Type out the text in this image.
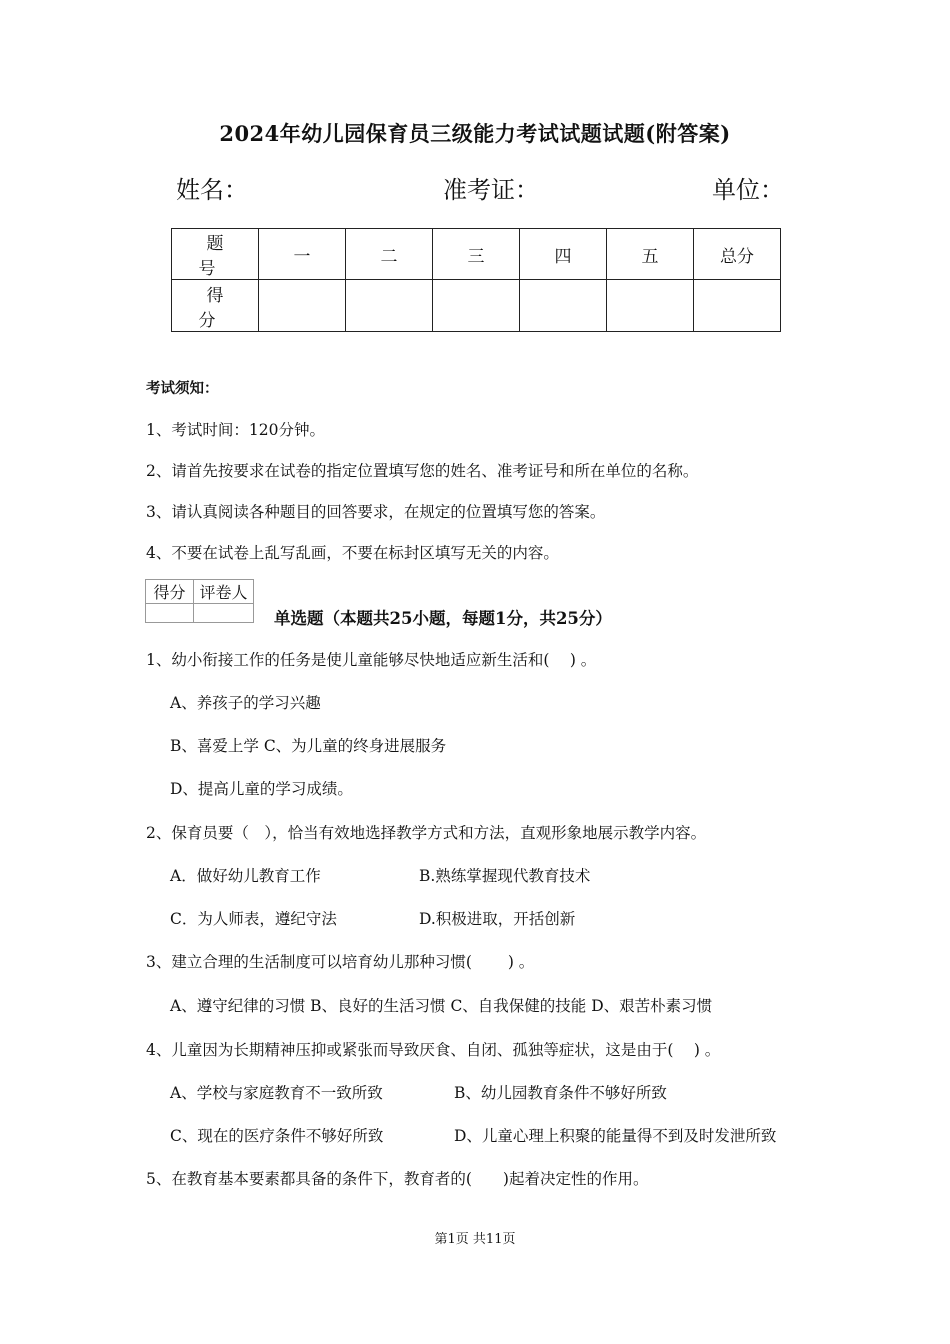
2024年幼儿园保育员三级能力考试试题试题(附答案)
姓名：	准考证：	单位：
题　号	一	二	三	四	五	总分
得　分						
考试须知：
1、考试时间：120分钟。
2、请首先按要求在试卷的指定位置填写您的姓名、准考证号和所在单位的名称。
3、请认真阅读各种题目的回答要求，在规定的位置填写您的答案。
4、不要在试卷上乱写乱画，不要在标封区填写无关的内容。
得分	评卷人

单选题（本题共25小题，每题1分，共25分）
1、幼小衔接工作的任务是使儿童能够尽快地适应新生活和(　 ) 。
A、养孩子的学习兴趣
B、喜爱上学 C、为儿童的终身进展服务
D、提高儿童的学习成绩。
2、保育员要（　），恰当有效地选择教学方式和方法，直观形象地展示教学内容。
A．做好幼儿教育工作	B.熟练掌握现代教育技术
C．为人师表，遵纪守法	D.积极进取，开括创新
3、建立合理的生活制度可以培育幼儿那种习惯(　　 ) 。
A、遵守纪律的习惯 B、良好的生活习惯 C、自我保健的技能 D、艰苦朴素习惯
4、儿童因为长期精神压抑或紧张而导致厌食、自闭、孤独等症状，这是由于(　 ) 。
A、学校与家庭教育不一致所致	B、幼儿园教育条件不够好所致
C、现在的医疗条件不够好所致	D、儿童心理上积聚的能量得不到及时发泄所致
5、在教育基本要素都具备的条件下，教育者的(　　)起着决定性的作用。
第1页 共11页
